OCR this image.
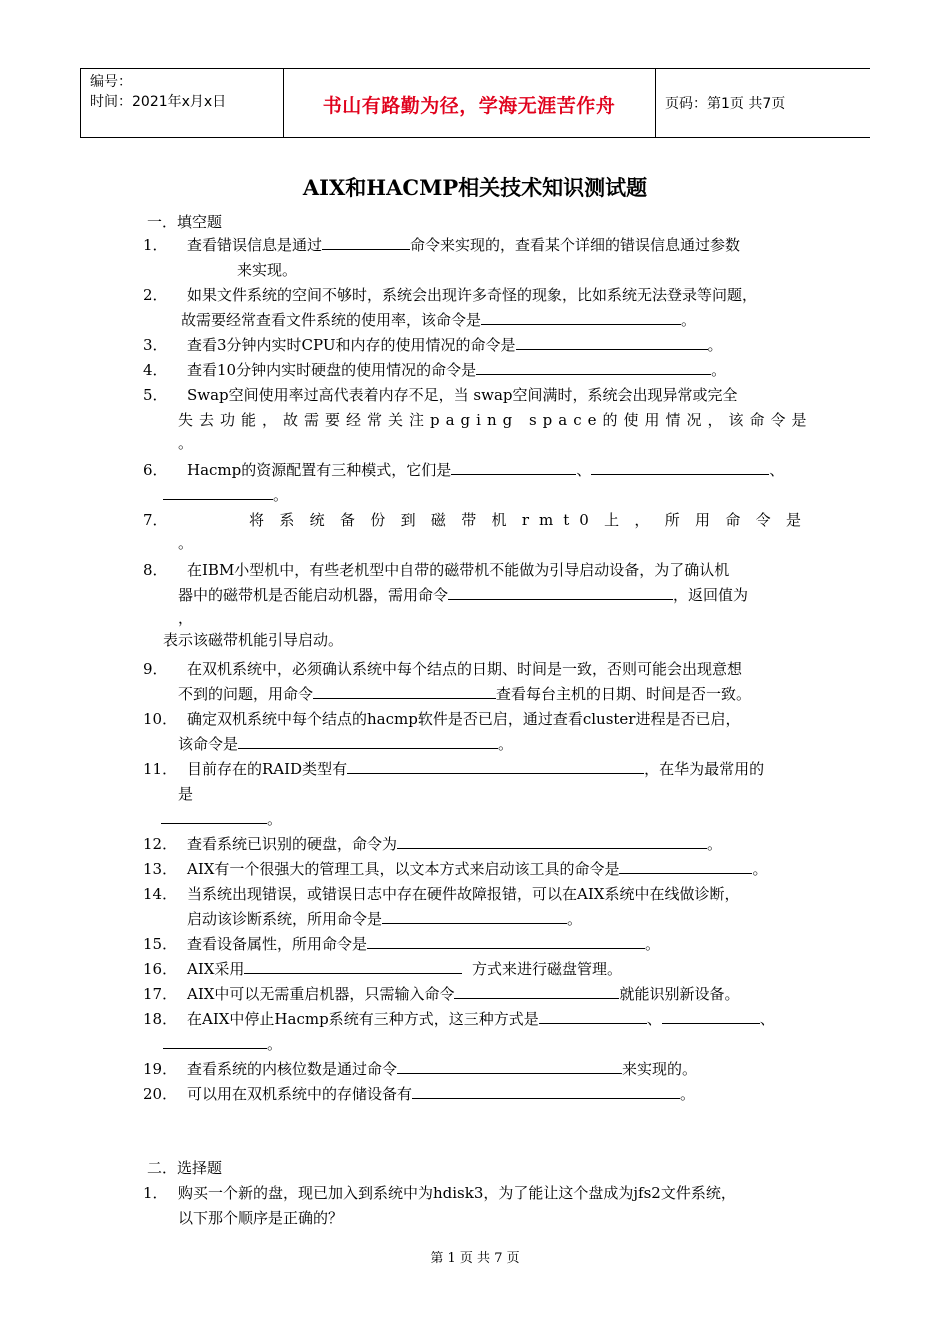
编号：
时间：2021年x月x日	书山有路勤为径，学海无涯苦作舟	页码：第1页 共7页
AIX和HACMP相关技术知识测试题
一．填空题
1．	查看错误信息是通过	命令来实现的，查看某个详细的错误信息通过参数
来实现。
2．	如果文件系统的空间不够时，系统会出现许多奇怪的现象，比如系统无法登录等问题，
故需要经常查看文件系统的使用率，该命令是	。
3．	查看3分钟内实时CPU和内存的使用情况的命令是	。
4．	查看10分钟内实时硬盘的使用情况的命令是	。
5．	Swap空间使用率过高代表着内存不足，当 swap空间满时，系统会出现异常或完全
失去功能，故需要经常关注paging space的使用情况，该命令是
。
6．	Hacmp的资源配置有三种模式，它们是	、	、
。
7．	将系统备份到磁带机rmt0上，所用命令是
。
8．	在IBM小型机中，有些老机型中自带的磁带机不能做为引导启动设备，为了确认机
器中的磁带机是否能启动机器，需用命令	，返回值为
，
表示该磁带机能引导启动。
9．	在双机系统中，必须确认系统中每个结点的日期、时间是一致，否则可能会出现意想
不到的问题，用命令	查看每台主机的日期、时间是否一致。
10． 确定双机系统中每个结点的hacmp软件是否已启，通过查看cluster进程是否已启，
该命令是	。
11． 目前存在的RAID类型有	，在华为最常用的
是
。
12． 查看系统已识别的硬盘，命令为	。
13． AIX有一个很强大的管理工具，以文本方式来启动该工具的命令是	。
14． 当系统出现错误，或错误日志中存在硬件故障报错，可以在AIX系统中在线做诊断，
启动该诊断系统，所用命令是	。
15． 查看设备属性，所用命令是	。
16． AIX采用	方式来进行磁盘管理。
17． AIX中可以无需重启机器，只需输入命令	就能识别新设备。
18． 在AIX中停止Hacmp系统有三种方式，这三种方式是	、	、
。
19． 查看系统的内核位数是通过命令	来实现的。
20． 可以用在双机系统中的存储设备有	。
二．选择题
1． 购买一个新的盘，现已加入到系统中为hdisk3，为了能让这个盘成为jfs2文件系统，
以下那个顺序是正确的？
第 1 页 共 7 页
